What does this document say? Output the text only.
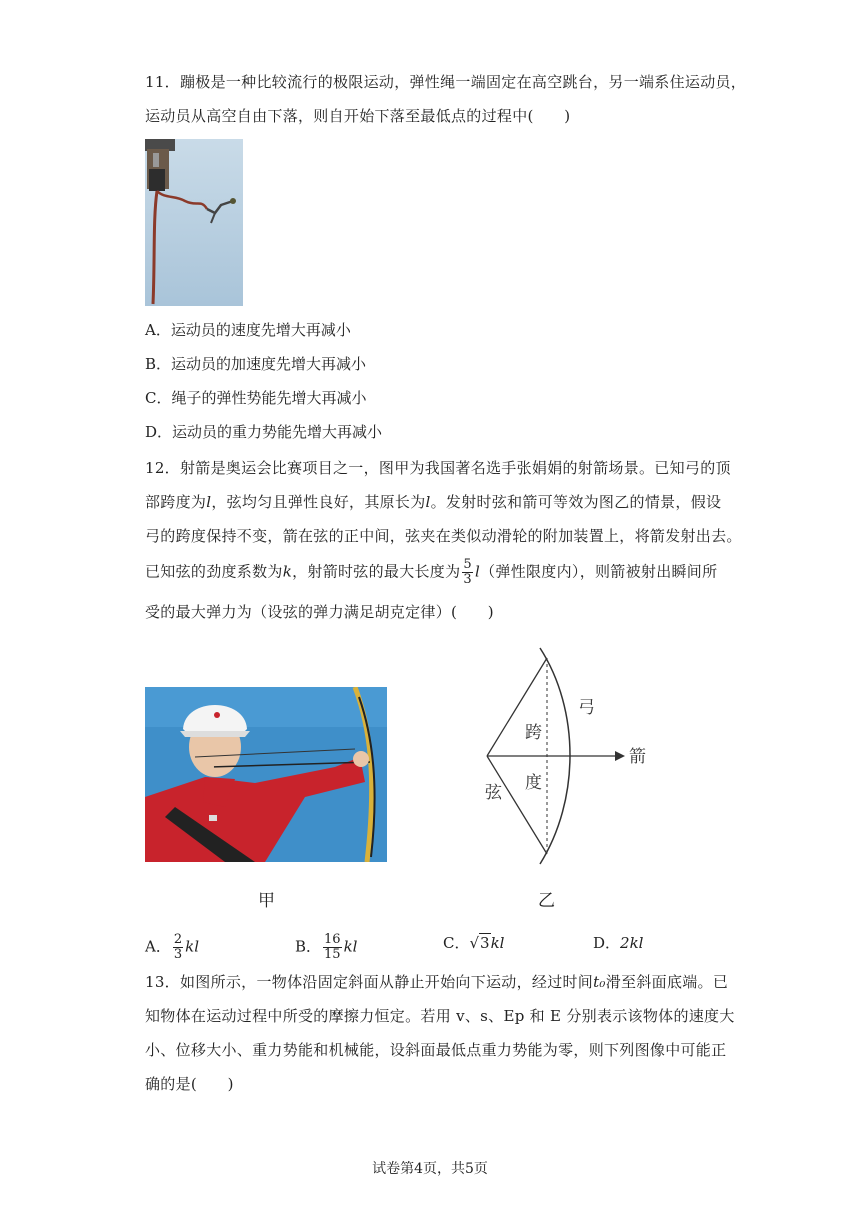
11．蹦极是一种比较流行的极限运动，弹性绳一端固定在高空跳台，另一端系住运动员，
运动员从高空自由下落，则自开始下落至最低点的过程中(　　)
A．运动员的速度先增大再减小
B．运动员的加速度先增大再减小
C．绳子的弹性势能先增大再减小
D．运动员的重力势能先增大再减小
12．射箭是奥运会比赛项目之一，图甲为我国著名选手张娟娟的射箭场景。已知弓的顶
部跨度为l，弦均匀且弹性良好，其原长为l。发射时弦和箭可等效为图乙的情景，假设
弓的跨度保持不变，箭在弦的正中间，弦夹在类似动滑轮的附加装置上，将箭发射出去。
已知弦的劲度系数为k，射箭时弦的最大长度为 $\frac{5}{3} l$（弹性限度内），则箭被射出瞬间所
受的最大弹力为（设弦的弹力满足胡克定律）(　　)
弓
跨
度
弦
箭
甲	乙
A． $\frac{2}{3}$ kl	B． $\frac{16}{15}$ kl	C．√3kl	D．2kl
13．如图所示，一物体沿固定斜面从静止开始向下运动，经过时间t₀滑至斜面底端。已
知物体在运动过程中所受的摩擦力恒定。若用 v、s、Ep 和 E 分别表示该物体的速度大
小、位移大小、重力势能和机械能，设斜面最低点重力势能为零，则下列图像中可能正
确的是(　　)
试卷第4页，共5页
